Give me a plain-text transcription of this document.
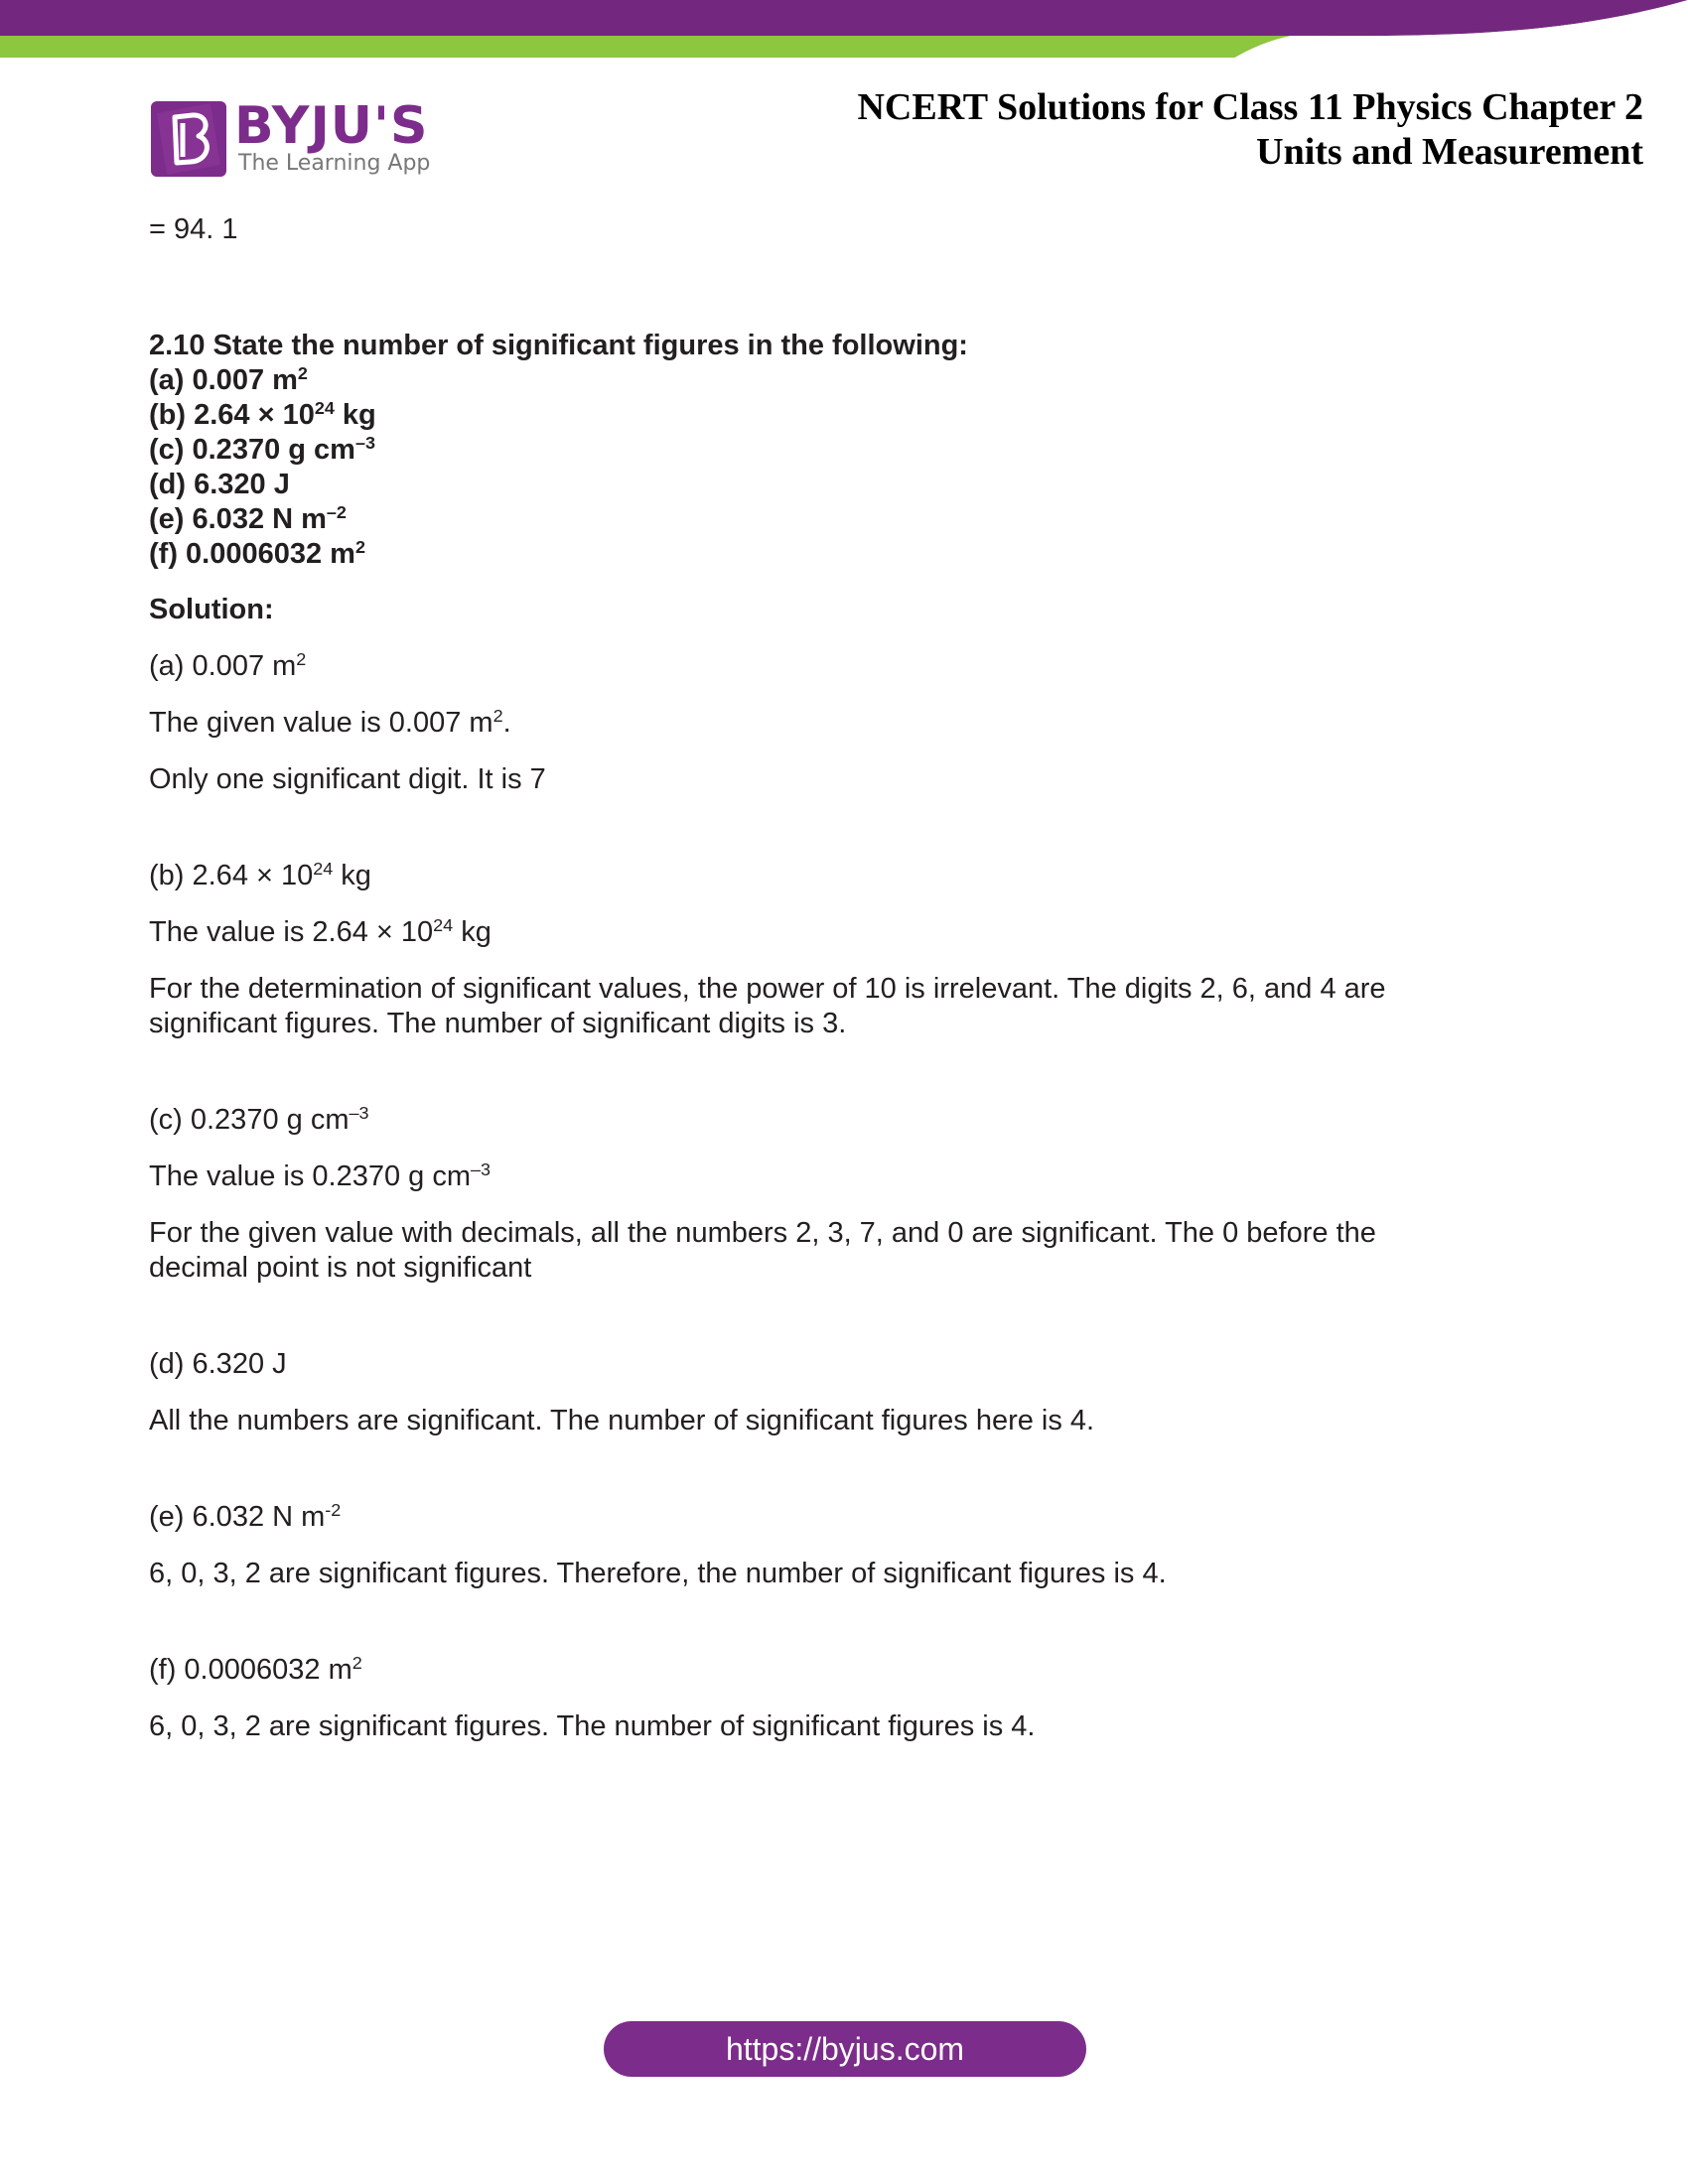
BYJU'S
The Learning App
NCERT Solutions for Class 11 Physics Chapter 2
Units and Measurement

= 94. 1

2.10 State the number of significant figures in the following:

(a) 0.007 $m^2$

(b) $2.64 \times 10^{24}$ kg

(c) 0.2370 g $cm^{-3}$

(d) 6.320 J

(e) 6.032 N $m^{-2}$

(f) 0.0006032 $m^2$

Solution:

(a) 0.007 $m^2$

The given value is 0.007 $m^2$.

Only one significant digit. It is 7

(b) $2.64 \times 10^{24}$ kg

The value is $2.64 \times 10^{24}$ kg

For the determination of significant values, the power of 10 is irrelevant. The digits 2, 6, and 4 are significant figures. The number of significant digits is 3.

(c) 0.2370 g $cm^{-3}$

The value is 0.2370 g $cm^{-3}$

For the given value with decimals, all the numbers 2, 3, 7, and 0 are significant. The 0 before the decimal point is not significant

(d) 6.320 J

All the numbers are significant. The number of significant figures here is 4.

(e) 6.032 N $m^{-2}$

6, 0, 3, 2 are significant figures. Therefore, the number of significant figures is 4.

(f) 0.0006032 $m^2$

6, 0, 3, 2 are significant figures. The number of significant figures is 4.

https://byjus.com
